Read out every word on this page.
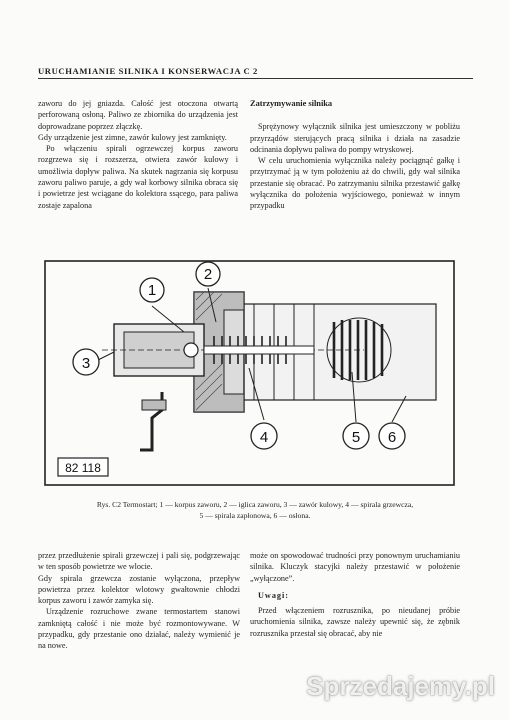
URUCHAMIANIE SILNIKA I KONSERWACJA C 2

zaworu do jej gniazda. Całość jest otoczona otwartą perforowaną osłoną. Paliwo ze zbiornika do urządzenia jest doprowadzane poprzez złączkę.

Gdy urządzenie jest zimne, zawór kulowy jest zamknięty.

Po włączeniu spirali ogrzewczej korpus zaworu rozgrzewa się i rozszerza, otwiera zawór kulowy i umożliwia dopływ paliwa. Na skutek nagrzania się korpusu zaworu paliwo paruje, a gdy wał korbowy silnika obraca się i powietrze jest wciągane do kolektora ssącego, para paliwa zostaje zapalona

Zatrzymywanie silnika

Sprężynowy wyłącznik silnika jest umieszczony w pobliżu przyrządów sterujących pracą silnika i działa na zasadzie odcinania dopływu paliwa do pompy wtryskowej.

W celu uruchomienia wyłącznika należy pociągnąć gałkę i przytrzymać ją w tym położeniu aż do chwili, gdy wał silnika przestanie się obracać. Po zatrzymaniu silnika przestawić gałkę wyłącznika do położenia wyjściowego, ponieważ w innym przypadku

1
2
3
4	5 6
82 118
Rys. C2 Termostart; 1 — korpus zaworu, 2 — iglica zaworu, 3 — zawór kulowy, 4 — spirala grzewcza,
5 — spirala zapłonowa, 6 — osłona.

przez przedłużenie spirali grzewczej i pali się, podgrzewając w ten sposób powietrze we wlocie.

Gdy spirala grzewcza zostanie wyłączona, przepływ powietrza przez kolektor wlotowy gwałtownie chłodzi korpus zaworu i zawór zamyka się.

Urządzenie rozruchowe zwane termostartem stanowi zamkniętą całość i nie może być rozmontowywane. W przypadku, gdy przestanie ono działać, należy wymienić je na nowe.

może on spowodować trudności przy ponownym uruchamianiu silnika. Kluczyk stacyjki należy przestawić w położenie „wyłączone”.

Uwagi:

Przed włączeniem rozrusznika, po nieudanej próbie uruchomienia silnika, zawsze należy upewnić się, że zębnik rozrusznika przestał się obracać, aby nie

Sprzedajemy.pl
